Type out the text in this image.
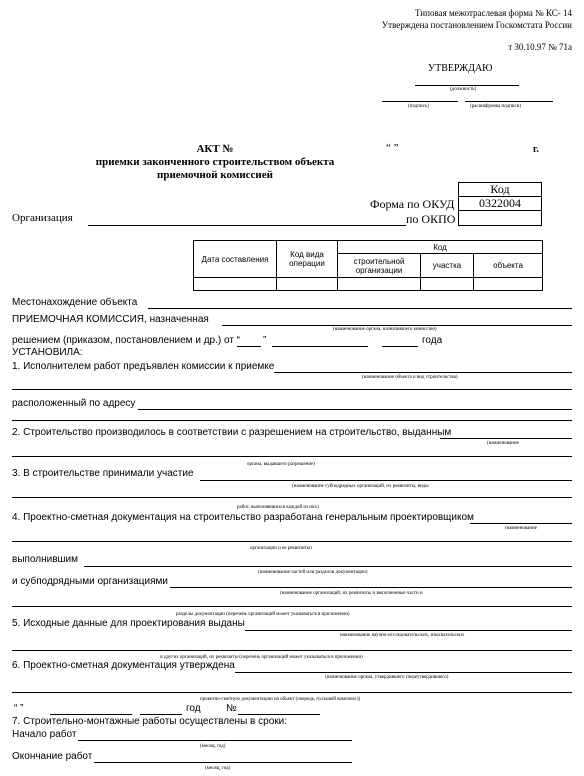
Типовая межотраслевая форма № КС- 14
Утверждена постановлением Госкомстата России
т 30.10.97 № 71а
УТВЕРЖДАЮ
(должность)
(подпись)	(расшифровка подписи)
АКТ №
приемки законченного строительством объекта
приемочной комиссией
“ ”	г.
Код
Форма по ОКУД	0322004
Организация	по ОКПО
Дата составления	Код вида операции	Код		
		строительной организации	участка	объекта

Местонахождение объекта
ПРИЕМОЧНАЯ КОМИССИЯ, назначенная
(наименование органа, назначившего комиссию)
решением (приказом, постановлением и др.) от “ ”	года
УСТАНОВИЛА:
1. Исполнителем работ предъявлен комиссии к приемке
(наименование объекта и вид строительства)
расположенный по адресу
2. Строительство производилось в соответствии с разрешением на строительство, выданным
(наименование
органа, выдавшего разрешение)
3. В строительстве принимали участие
(наименование субподрядных организаций, их реквизиты, виды
работ, выполнявшихся каждой из них)
4. Проектно-сметная документация на строительство разработана генеральным проектировщиком
(наименование
организации и ее реквизиты)
выполнившим
(наименование частей или разделов документации)
и субподрядными организациями
(наименование организаций, их реквизиты и выполненные части и
разделы документации (перечень организаций может указываться в приложении)
5. Исходные данные для проектирования выданы
наименование научно-исследовательских, изыскательских
и других организаций, их реквизиты (перечень организаций может указываться в приложении)
6. Проектно-сметная документация утверждена
(наименование органа, утвердившего (переутвердившего)
проектно-сметную документацию на объект (очередь, пусковой комплекс))
“ ”	год	№
7. Строительно-монтажные работы осуществлены в сроки:
Начало работ
(месяц, год)
Окончание работ
(месяц, год)
